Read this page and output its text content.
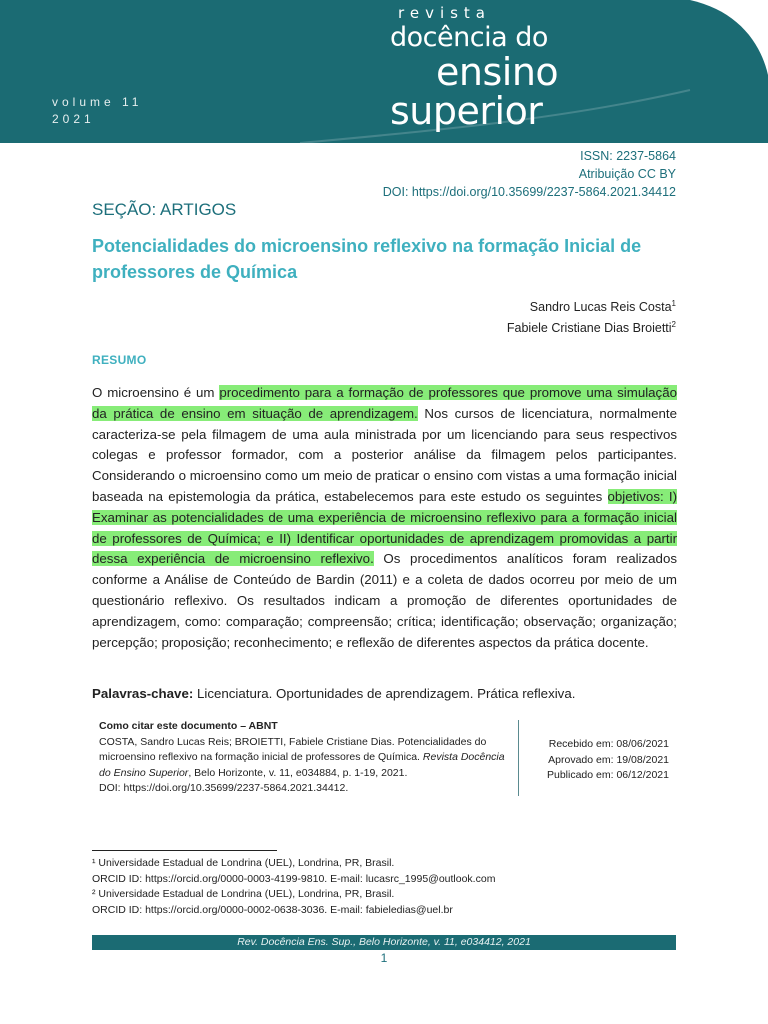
volume 11
2021
revista
docência do
ensino
superior
ISSN: 2237-5864
Atribuição CC BY
DOI: https://doi.org/10.35699/2237-5864.2021.34412
SEÇÃO: ARTIGOS
Potencialidades do microensino reflexivo na formação Inicial de professores de Química
Sandro Lucas Reis Costa$^1$
Fabiele Cristiane Dias Broietti$^2$
RESUMO
O microensino é um procedimento para a formação de professores que promove uma simulação da prática de ensino em situação de aprendizagem. Nos cursos de licenciatura, normalmente caracteriza-se pela filmagem de uma aula ministrada por um licenciando para seus respectivos colegas e professor formador, com a posterior análise da filmagem pelos participantes. Considerando o microensino como um meio de praticar o ensino com vistas a uma formação inicial baseada na epistemologia da prática, estabelecemos para este estudo os seguintes objetivos: I) Examinar as potencialidades de uma experiência de microensino reflexivo para a formação inicial de professores de Química; e II) Identificar oportunidades de aprendizagem promovidas a partir dessa experiência de microensino reflexivo. Os procedimentos analíticos foram realizados conforme a Análise de Conteúdo de Bardin (2011) e a coleta de dados ocorreu por meio de um questionário reflexivo. Os resultados indicam a promoção de diferentes oportunidades de aprendizagem, como: comparação; compreensão; crítica; identificação; observação; organização; percepção; proposição; reconhecimento; e reflexão de diferentes aspectos da prática docente.
Palavras-chave: Licenciatura. Oportunidades de aprendizagem. Prática reflexiva.
Como citar este documento – ABNT
COSTA, Sandro Lucas Reis; BROIETTI, Fabiele Cristiane Dias. Potencialidades do microensino reflexivo na formação inicial de professores de Química. Revista Docência do Ensino Superior, Belo Horizonte, v. 11, e034884, p. 1-19, 2021.
DOI: https://doi.org/10.35699/2237-5864.2021.34412.
Recebido em: 08/06/2021
Aprovado em: 19/08/2021
Publicado em: 06/12/2021
¹ Universidade Estadual de Londrina (UEL), Londrina, PR, Brasil.
ORCID ID: https://orcid.org/0000-0003-4199-9810. E-mail: lucasrc_1995@outlook.com
² Universidade Estadual de Londrina (UEL), Londrina, PR, Brasil.
ORCID ID: https://orcid.org/0000-0002-0638-3036. E-mail: fabieledias@uel.br
Rev. Docência Ens. Sup., Belo Horizonte, v. 11, e034412, 2021
1
